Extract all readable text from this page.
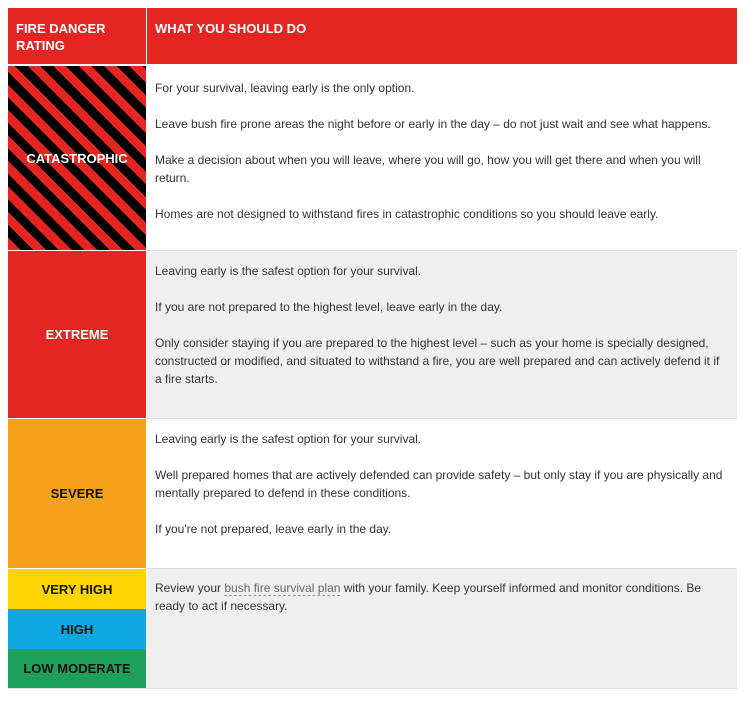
FIRE DANGER RATING
WHAT YOU SHOULD DO
CATASTROPHIC

For your survival, leaving early is the only option.

Leave bush fire prone areas the night before or early in the day – do not just wait and see what happens.

Make a decision about when you will leave, where you will go, how you will get there and when you will return.

Homes are not designed to withstand fires in catastrophic conditions so you should leave early.

EXTREME

Leaving early is the safest option for your survival.

If you are not prepared to the highest level, leave early in the day.

Only consider staying if you are prepared to the highest level – such as your home is specially designed, constructed or modified, and situated to withstand a fire, you are well prepared and can actively defend it if a fire starts.

SEVERE

Leaving early is the safest option for your survival.

Well prepared homes that are actively defended can provide safety – but only stay if you are physically and mentally prepared to defend in these conditions.

If you're not prepared, leave early in the day.

VERY HIGH
HIGH
LOW MODERATE

Review your bush fire survival plan with your family. Keep yourself informed and monitor conditions. Be ready to act if necessary.
